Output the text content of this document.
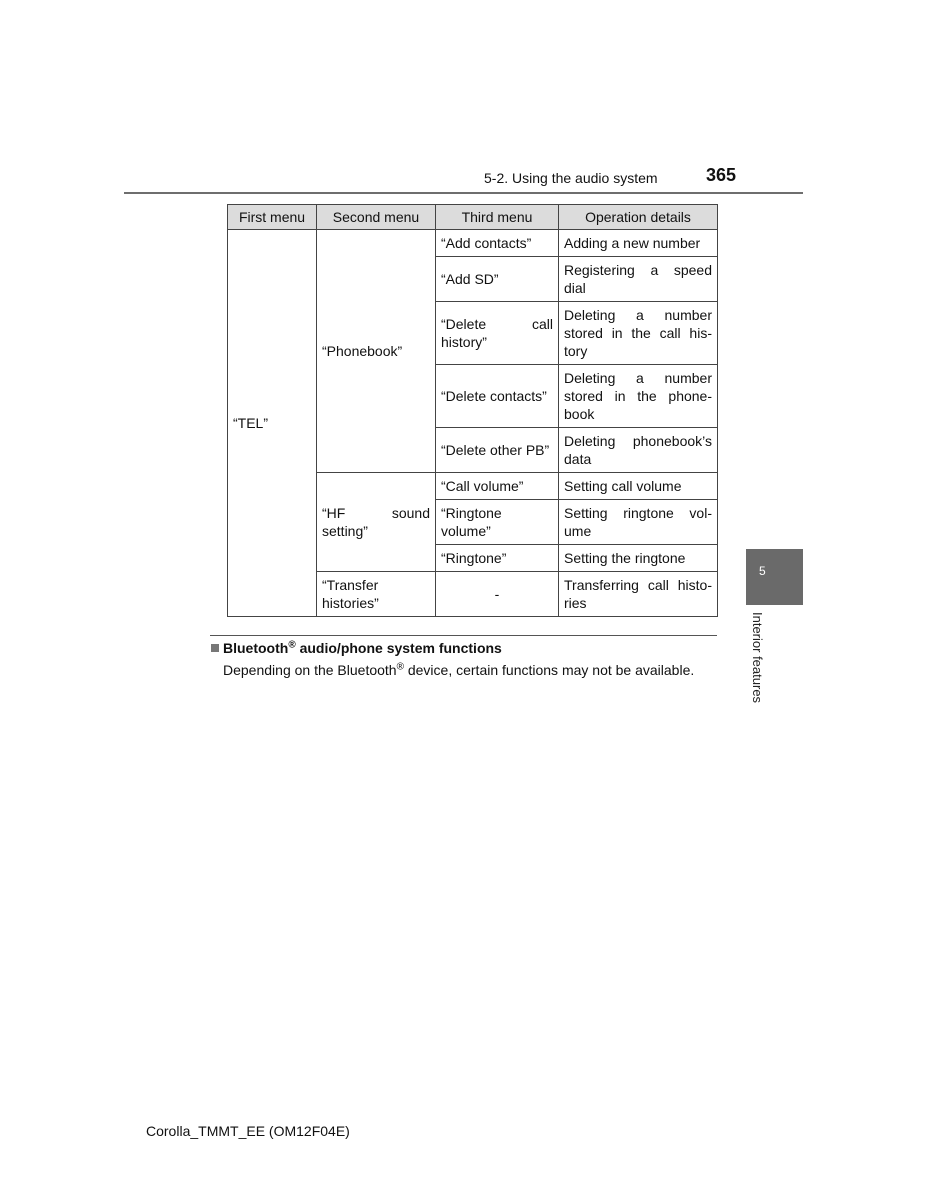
5-2. Using the audio system	365
First menu	Second menu	Third menu	Operation details
“TEL”	“Phonebook”	“Add contacts”	Adding a new number
		“Add SD”	Registering a speed dial
		“Delete call history”	Deleting a number stored in the call his-tory
		“Delete contacts”	Deleting a number stored in the phone-book
		“Delete other PB”	Deleting phonebook’s data
	“HF sound setting”	“Call volume”	Setting call volume
		“Ringtone volume”	Setting ringtone vol-ume
		“Ringtone”	Setting the ringtone
	“Transfer histories”	-	Transferring call histo-ries
5
Interior features
Bluetooth® audio/phone system functions
Depending on the Bluetooth® device, certain functions may not be available.
Corolla_TMMT_EE (OM12F04E)
